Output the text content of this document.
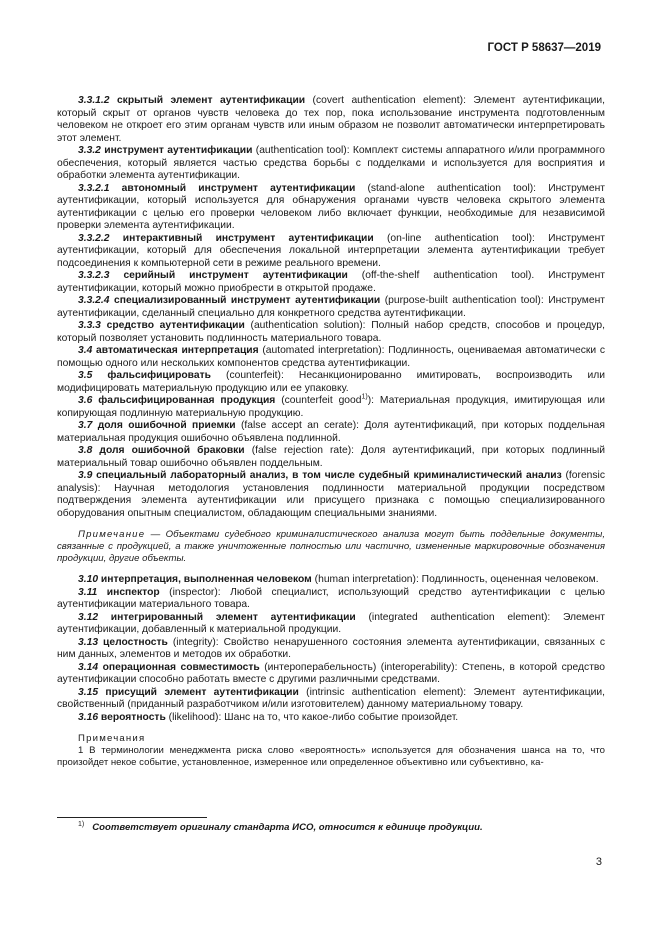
ГОСТ Р 58637—2019

3.3.1.2 скрытый элемент аутентификации (covert authentication element): Элемент аутентификации, который скрыт от органов чувств человека до тех пор, пока использование инструмента подготовленным человеком не откроет его этим органам чувств или иным образом не позволит автоматически интерпретировать этот элемент.

3.3.2 инструмент аутентификации (authentication tool): Комплект системы аппаратного и/или программного обеспечения, который является частью средства борьбы с подделками и используется для восприятия и обработки элемента аутентификации.

3.3.2.1 автономный инструмент аутентификации (stand-alone authentication tool): Инструмент аутентификации, который используется для обнаружения органами чувств человека скрытого элемента аутентификации с целью его проверки человеком либо включает функции, необходимые для независимой проверки элемента аутентификации.

3.3.2.2 интерактивный инструмент аутентификации (on-line authentication tool): Инструмент аутентификации, который для обеспечения локальной интерпретации элемента аутентификации требует подсоединения к компьютерной сети в режиме реального времени.

3.3.2.3 серийный инструмент аутентификации (off-the-shelf authentication tool). Инструмент аутентификации, который можно приобрести в открытой продаже.

3.3.2.4 специализированный инструмент аутентификации (purpose-built authentication tool): Инструмент аутентификации, сделанный специально для конкретного средства аутентификации.

3.3.3 средство аутентификации (authentication solution): Полный набор средств, способов и процедур, который позволяет установить подлинность материального товара.

3.4 автоматическая интерпретация (automated interpretation): Подлинность, оцениваемая автоматически с помощью одного или нескольких компонентов средства аутентификации.

3.5 фальсифицировать (counterfeit): Несанкционированно имитировать, воспроизводить или модифицировать материальную продукцию или ее упаковку.

3.6 фальсифицированная продукция (counterfeit good$^{1)}$): Материальная продукция, имитирующая или копирующая подлинную материальную продукцию.

3.7 доля ошибочной приемки (false accept an cerate): Доля аутентификаций, при которых поддельная материальная продукция ошибочно объявлена подлинной.

3.8 доля ошибочной браковки (false rejection rate): Доля аутентификаций, при которых подлинный материальный товар ошибочно объявлен поддельным.

3.9 специальный лабораторный анализ, в том числе судебный криминалистический анализ (forensic analysis): Научная методология установления подлинности материальной продукции посредством подтверждения элемента аутентификации или присущего признака с помощью специализированного оборудования опытным специалистом, обладающим специальными знаниями.

Примечание — Объектами судебного криминалистического анализа могут быть поддельные документы, связанные с продукцией, а также уничтоженные полностью или частично, измененные маркировочные обозначения продукции, другие объекты.

3.10 интерпретация, выполненная человеком (human interpretation): Подлинность, оцененная человеком.

3.11 инспектор (inspector): Любой специалист, использующий средство аутентификации с целью аутентификации материального товара.

3.12 интегрированный элемент аутентификации (integrated authentication element): Элемент аутентификации, добавленный к материальной продукции.

3.13 целостность (integrity): Свойство ненарушенного состояния элемента аутентификации, связанных с ним данных, элементов и методов их обработки.

3.14 операционная совместимость (интероперабельность) (interoperability): Степень, в которой средство аутентификации способно работать вместе с другими различными средствами.

3.15 присущий элемент аутентификации (intrinsic authentication element): Элемент аутентификации, свойственный (приданный разработчиком и/или изготовителем) данному материальному товару.

3.16 вероятность (likelihood): Шанс на то, что какое-либо событие произойдет.

Примечания

1 В терминологии менеджмента риска слово «вероятность» используется для обозначения шанса на то, что произойдет некое событие, установленное, измеренное или определенное объективно или субъективно, ка-

$^{1)}$ Соответствует оригиналу стандарта ИСО, относится к единице продукции.
3
